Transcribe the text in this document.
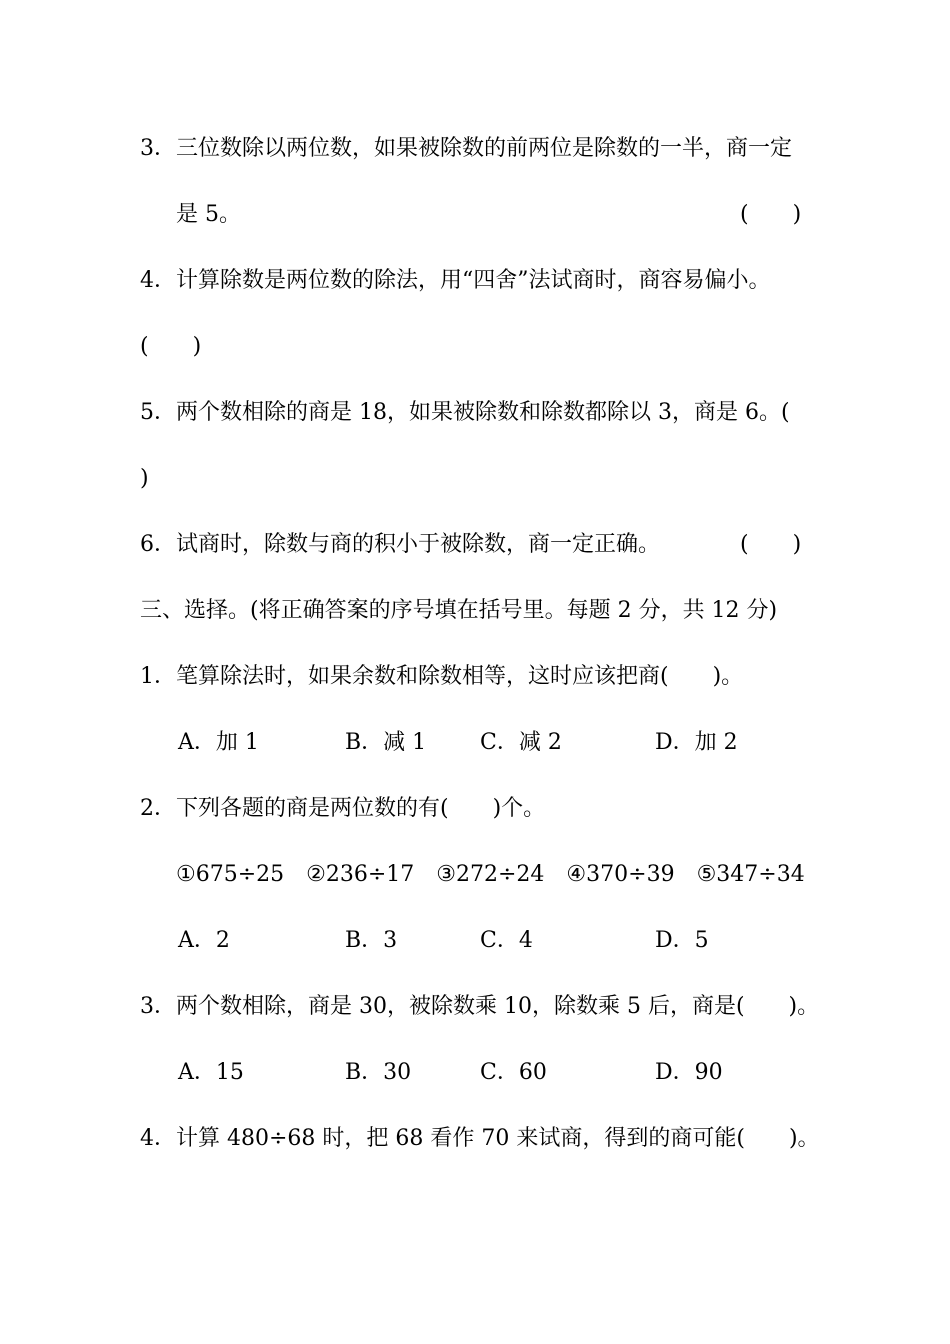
3．三位数除以两位数，如果被除数的前两位是除数的一半，商一定
是 5。	(　　)
4．计算除数是两位数的除法，用“四舍”法试商时，商容易偏小。
(　　)
5．两个数相除的商是 18，如果被除数和除数都除以 3，商是 6。(
)
6．试商时，除数与商的积小于被除数，商一定正确。	(　　)
三、选择。(将正确答案的序号填在括号里。每题 2 分，共 12 分)
1．笔算除法时，如果余数和除数相等，这时应该把商(　　)。
A．加 1	B．减 1 C．减 2	D．加 2
2．下列各题的商是两位数的有(　　)个。
①675÷25　②236÷17　③272÷24　④370÷39　⑤347÷34
A．2	B．3	C．4	D．5
3．两个数相除，商是 30，被除数乘 10，除数乘 5 后，商是(　　)。
A．15	B．30	C．60	D．90
4．计算 480÷68 时，把 68 看作 70 来试商，得到的商可能(　　)。
